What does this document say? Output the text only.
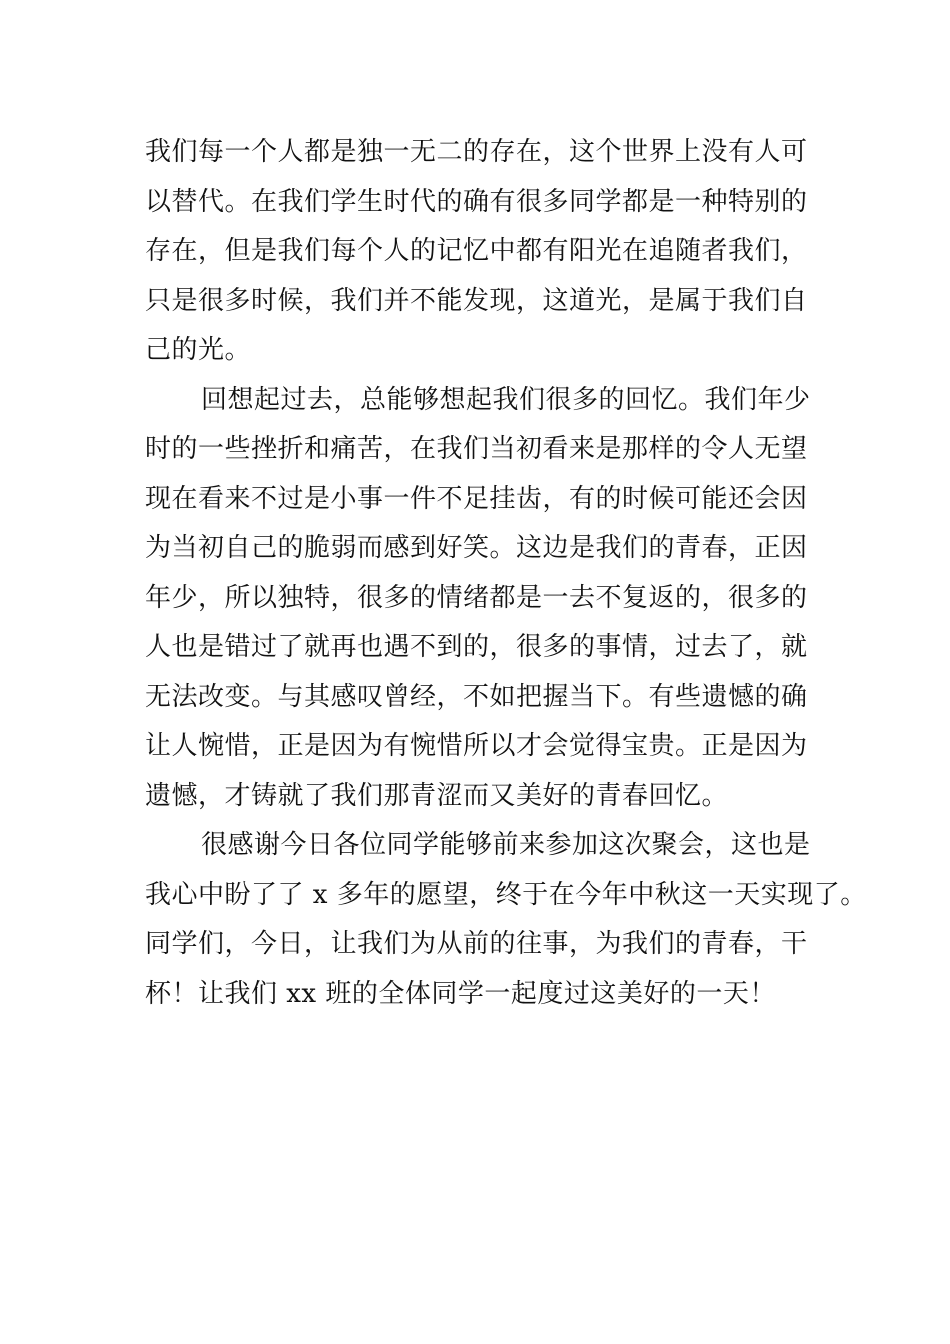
我们每一个人都是独一无二的存在，这个世界上没有人可
以替代。在我们学生时代的确有很多同学都是一种特别的
存在，但是我们每个人的记忆中都有阳光在追随者我们，
只是很多时候，我们并不能发现，这道光，是属于我们自
己的光。
回想起过去，总能够想起我们很多的回忆。我们年少
时的一些挫折和痛苦，在我们当初看来是那样的令人无望
现在看来不过是小事一件不足挂齿，有的时候可能还会因
为当初自己的脆弱而感到好笑。这边是我们的青春，正因
年少，所以独特，很多的情绪都是一去不复返的，很多的
人也是错过了就再也遇不到的，很多的事情，过去了，就
无法改变。与其感叹曾经，不如把握当下。有些遗憾的确
让人惋惜，正是因为有惋惜所以才会觉得宝贵。正是因为
遗憾，才铸就了我们那青涩而又美好的青春回忆。
很感谢今日各位同学能够前来参加这次聚会，这也是
我心中盼了了 x 多年的愿望，终于在今年中秋这一天实现了。
同学们，今日，让我们为从前的往事，为我们的青春，干
杯！让我们 xx 班的全体同学一起度过这美好的一天！
